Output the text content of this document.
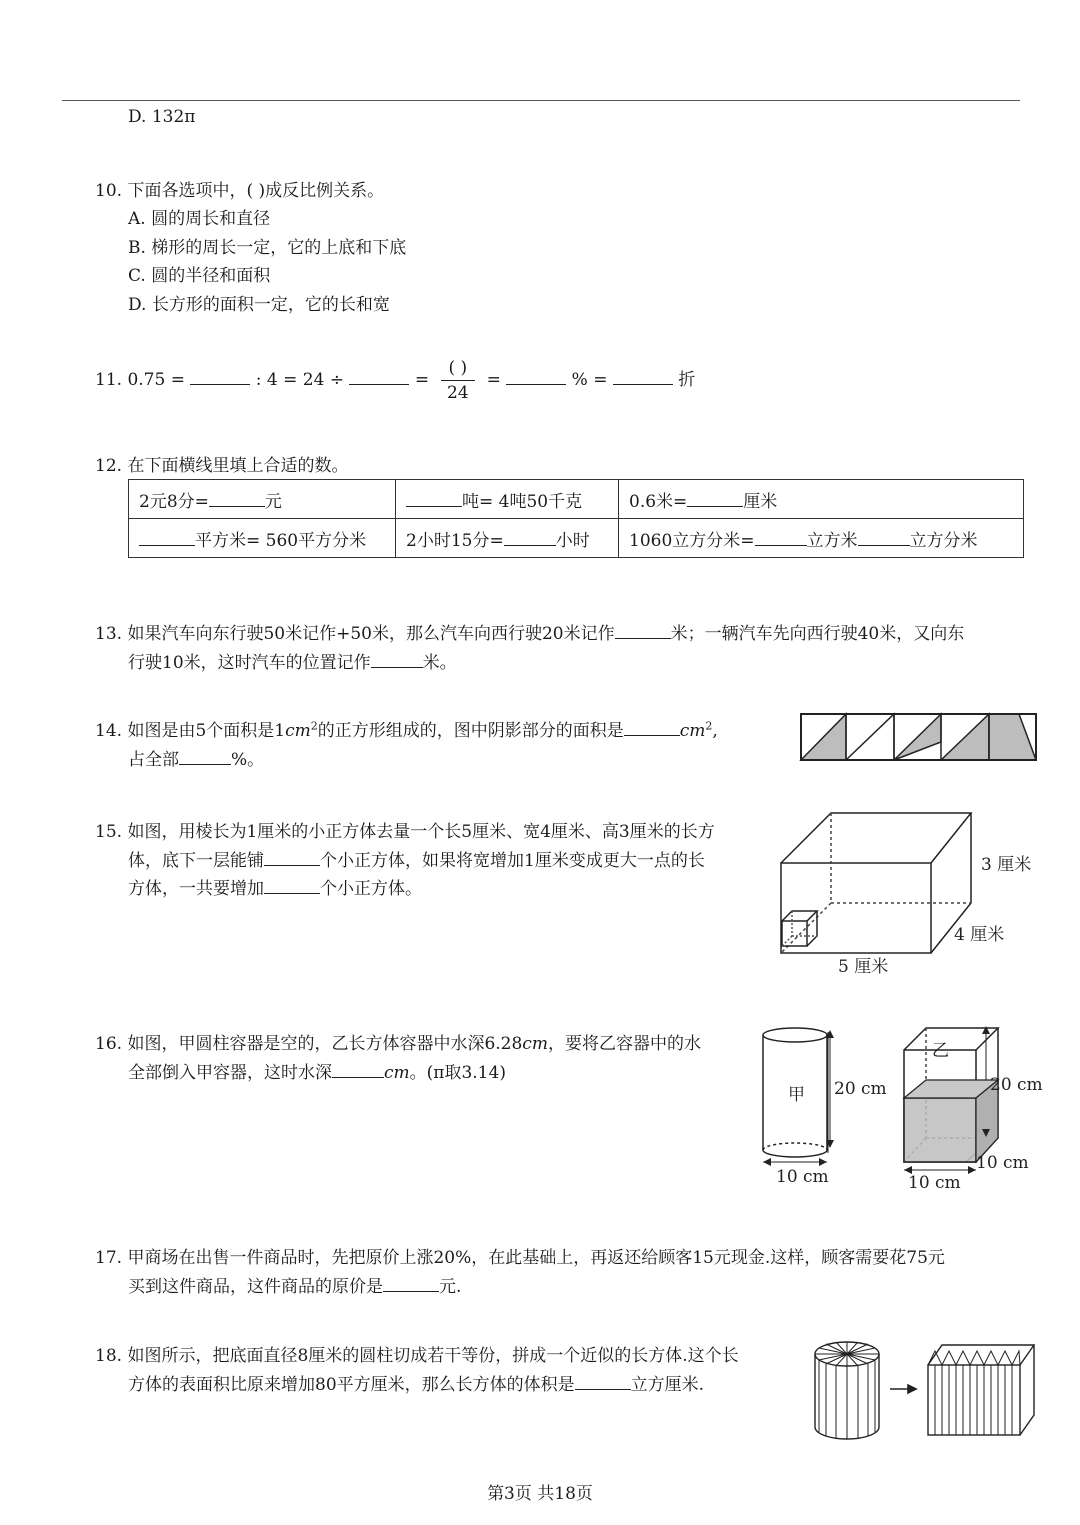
D. 132π
10. 下面各选项中，( )成反比例关系。
A. 圆的周长和直径
B. 梯形的周长一定，它的上底和下底
C. 圆的半径和面积
D. 长方形的面积一定，它的长和宽
11. 0.75 =	: 4 = 24 ÷	= $\frac{( )}{24}$ =	% =	折
12. 在下面横线里填上合适的数。
2元8分= 元	吨= 4吨50千克	0.6米= 厘米
平方米= 560平方分米	2小时15分= 小时	1060立方分米= 立方米 立方分米
13. 如果汽车向东行驶50米记作+50米，那么汽车向西行驶20米记作	米；一辆汽车先向西行驶40米，又向东
行驶10米，这时汽车的位置记作	米。
14. 如图是由5个面积是$1cm^2$的正方形组成的，图中阴影部分的面积是	$cm^2$,
占全部	%。
15. 如图，用棱长为1厘米的小正方体去量一个长5厘米、宽4厘米、高3厘米的长方
体，底下一层能铺	个小正方体，如果将宽增加1厘米变成更大一点的长
方体，一共要增加	个小正方体。
3 厘米
4 厘米
5 厘米
16. 如图，甲圆柱容器是空的，乙长方体容器中水深6.28cm，要将乙容器中的水
全部倒入甲容器，这时水深	cm。(π取3.14)
甲
乙
20 cm
10 cm
20 cm
10 cm
10 cm
17. 甲商场在出售一件商品时，先把原价上涨20%，在此基础上，再返还给顾客15元现金.这样，顾客需要花75元
买到这件商品，这件商品的原价是	元.
18. 如图所示，把底面直径8厘米的圆柱切成若干等份，拼成一个近似的长方体.这个长
方体的表面积比原来增加80平方厘米，那么长方体的体积是	立方厘米.
第3页 共18页
